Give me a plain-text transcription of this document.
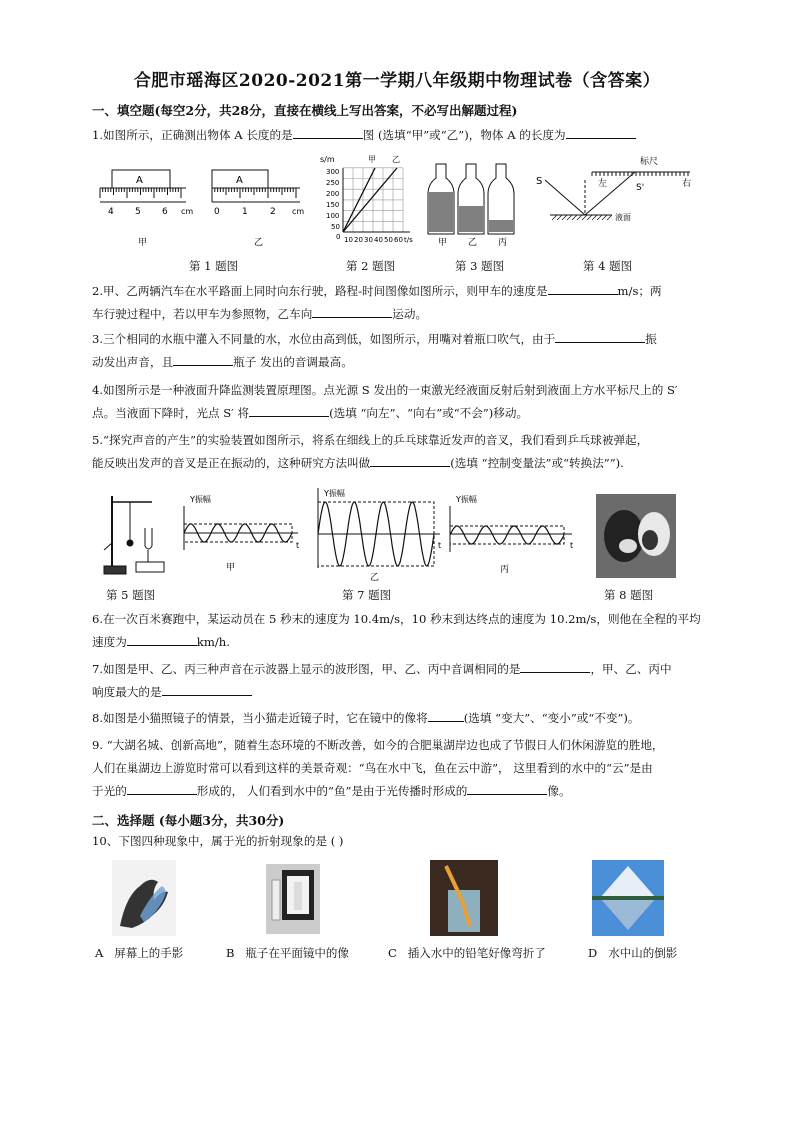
合肥市瑶海区2020-2021第一学期八年级期中物理试卷（含答案）
一、填空题(每空2分，共28分，直接在横线上写出答案，不必写出解题过程)
1.如图所示，正确测出物体 A 长度的是	图 (选填“甲”或“乙”)，物体 A 的长度为
A
4 5 6 cm
甲
A
0 1 2 cm
乙
s/m	甲 乙
300
250
200
150
100
50
0 10 20 30 40 50 60 t/s	甲 乙 丙
标尺
左	右
S
S'
液面
第 1 题图	第 2 题图	第 3 题图	第 4 题图
2.甲、乙两辆汽车在水平路面上同时向东行驶，路程-时间图像如图所示，则甲车的速度是	m/s；两
车行驶过程中，若以甲车为参照物，乙车向	运动。
3.三个相同的水瓶中灌入不同量的水，水位由高到低，如图所示，用嘴对着瓶口吹气，由于	振
动发出声音，且	瓶子 发出的音调最高。
4.如图所示是一种液面升降监测装置原理图。点光源 S 发出的一束激光经液面反射后射到液面上方水平标尺上的 S′
点。当液面下降时，光点 S′ 将	(选填 “向左”、“向右”或“不会”)移动。
5.“探究声音的产生”的实验装置如图所示，将系在细线上的乒乓球靠近发声的音叉，我们看到乒乓球被弹起，
能反映出发声的音叉是正在振动的，这种研究方法叫做	(选填 “控制变量法”或“转换法””).
Y振幅
t
甲
Y振幅
t
乙
Y振幅
t
丙
第 5 题图	第 7 题图	第 8 题图
6.在一次百米赛跑中，某运动员在 5 秒末的速度为 10.4m/s，10 秒末到达终点的速度为 10.2m/s，则他在全程的平均
速度为	km/h.
7.如图是甲、乙、丙三种声音在示波器上显示的波形图，甲、乙、丙中音调相同的是	，甲、乙、丙中
响度最大的是
8.如图是小猫照镜子的情景，当小猫走近镜子时，它在镜中的像将	(选填 “变大”、“变小”或“不变”)。
9. “大湖名城、创新高地”，随着生态环境的不断改善，如今的合肥巢湖岸边也成了节假日人们休闲游览的胜地，
人们在巢湖边上游览时常可以看到这样的美景奇观：“鸟在水中飞，鱼在云中游”， 这里看到的水中的“云”是由
于光的	形成的， 人们看到水中的“鱼”是由于光传播时形成的	像。
二、选择题 (每小题3分，共30分)
10、下图四种现象中，属于光的折射现象的是 ( )
A 屏幕上的手影	B 瓶子在平面镜中的像	C 插入水中的铅笔好像弯折了	D 水中山的倒影
